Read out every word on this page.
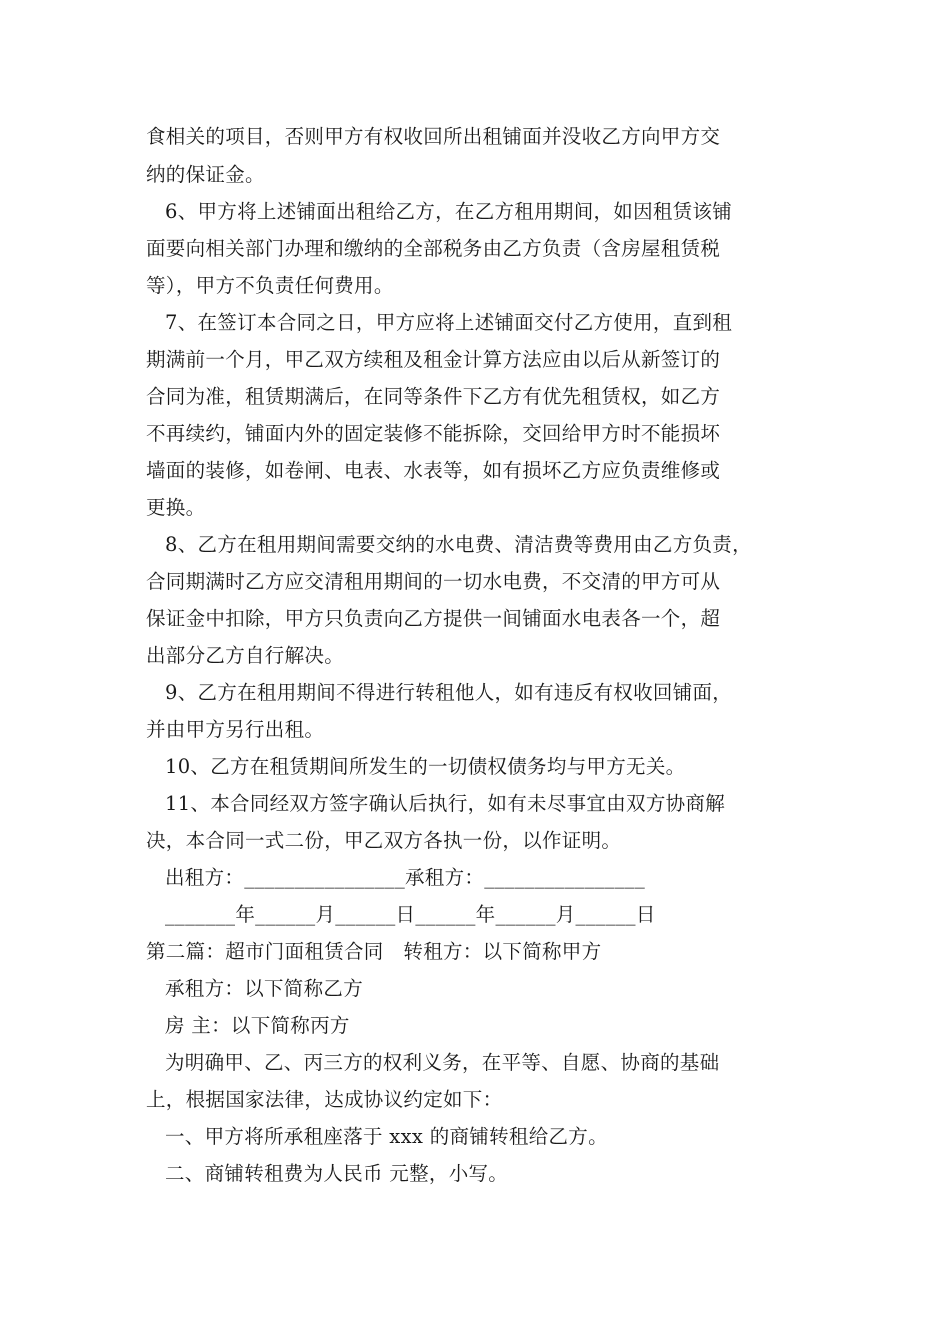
食相关的项目，否则甲方有权收回所出租铺面并没收乙方向甲方交
纳的保证金。
6、甲方将上述铺面出租给乙方，在乙方租用期间，如因租赁该铺
面要向相关部门办理和缴纳的全部税务由乙方负责（含房屋租赁税
等），甲方不负责任何费用。
7、在签订本合同之日，甲方应将上述铺面交付乙方使用，直到租
期满前一个月，甲乙双方续租及租金计算方法应由以后从新签订的
合同为准，租赁期满后，在同等条件下乙方有优先租赁权，如乙方
不再续约，铺面内外的固定装修不能拆除，交回给甲方时不能损坏
墙面的装修，如卷闸、电表、水表等，如有损坏乙方应负责维修或
更换。
8、乙方在租用期间需要交纳的水电费、清洁费等费用由乙方负责，
合同期满时乙方应交清租用期间的一切水电费，不交清的甲方可从
保证金中扣除，甲方只负责向乙方提供一间铺面水电表各一个，超
出部分乙方自行解决。
9、乙方在租用期间不得进行转租他人，如有违反有权收回铺面，
并由甲方另行出租。
10、乙方在租赁期间所发生的一切债权债务均与甲方无关。
11、本合同经双方签字确认后执行，如有未尽事宜由双方协商解
决，本合同一式二份，甲乙双方各执一份，以作证明。
出租方：________________承租方：________________
_______年______月______日______年______月______日
第二篇：超市门面租赁合同　转租方：以下简称甲方
承租方：以下简称乙方
房 主：以下简称丙方
为明确甲、乙、丙三方的权利义务，在平等、自愿、协商的基础
上，根据国家法律，达成协议约定如下：
一、甲方将所承租座落于 xxx 的商铺转租给乙方。
二、商铺转租费为人民币 元整，小写。
